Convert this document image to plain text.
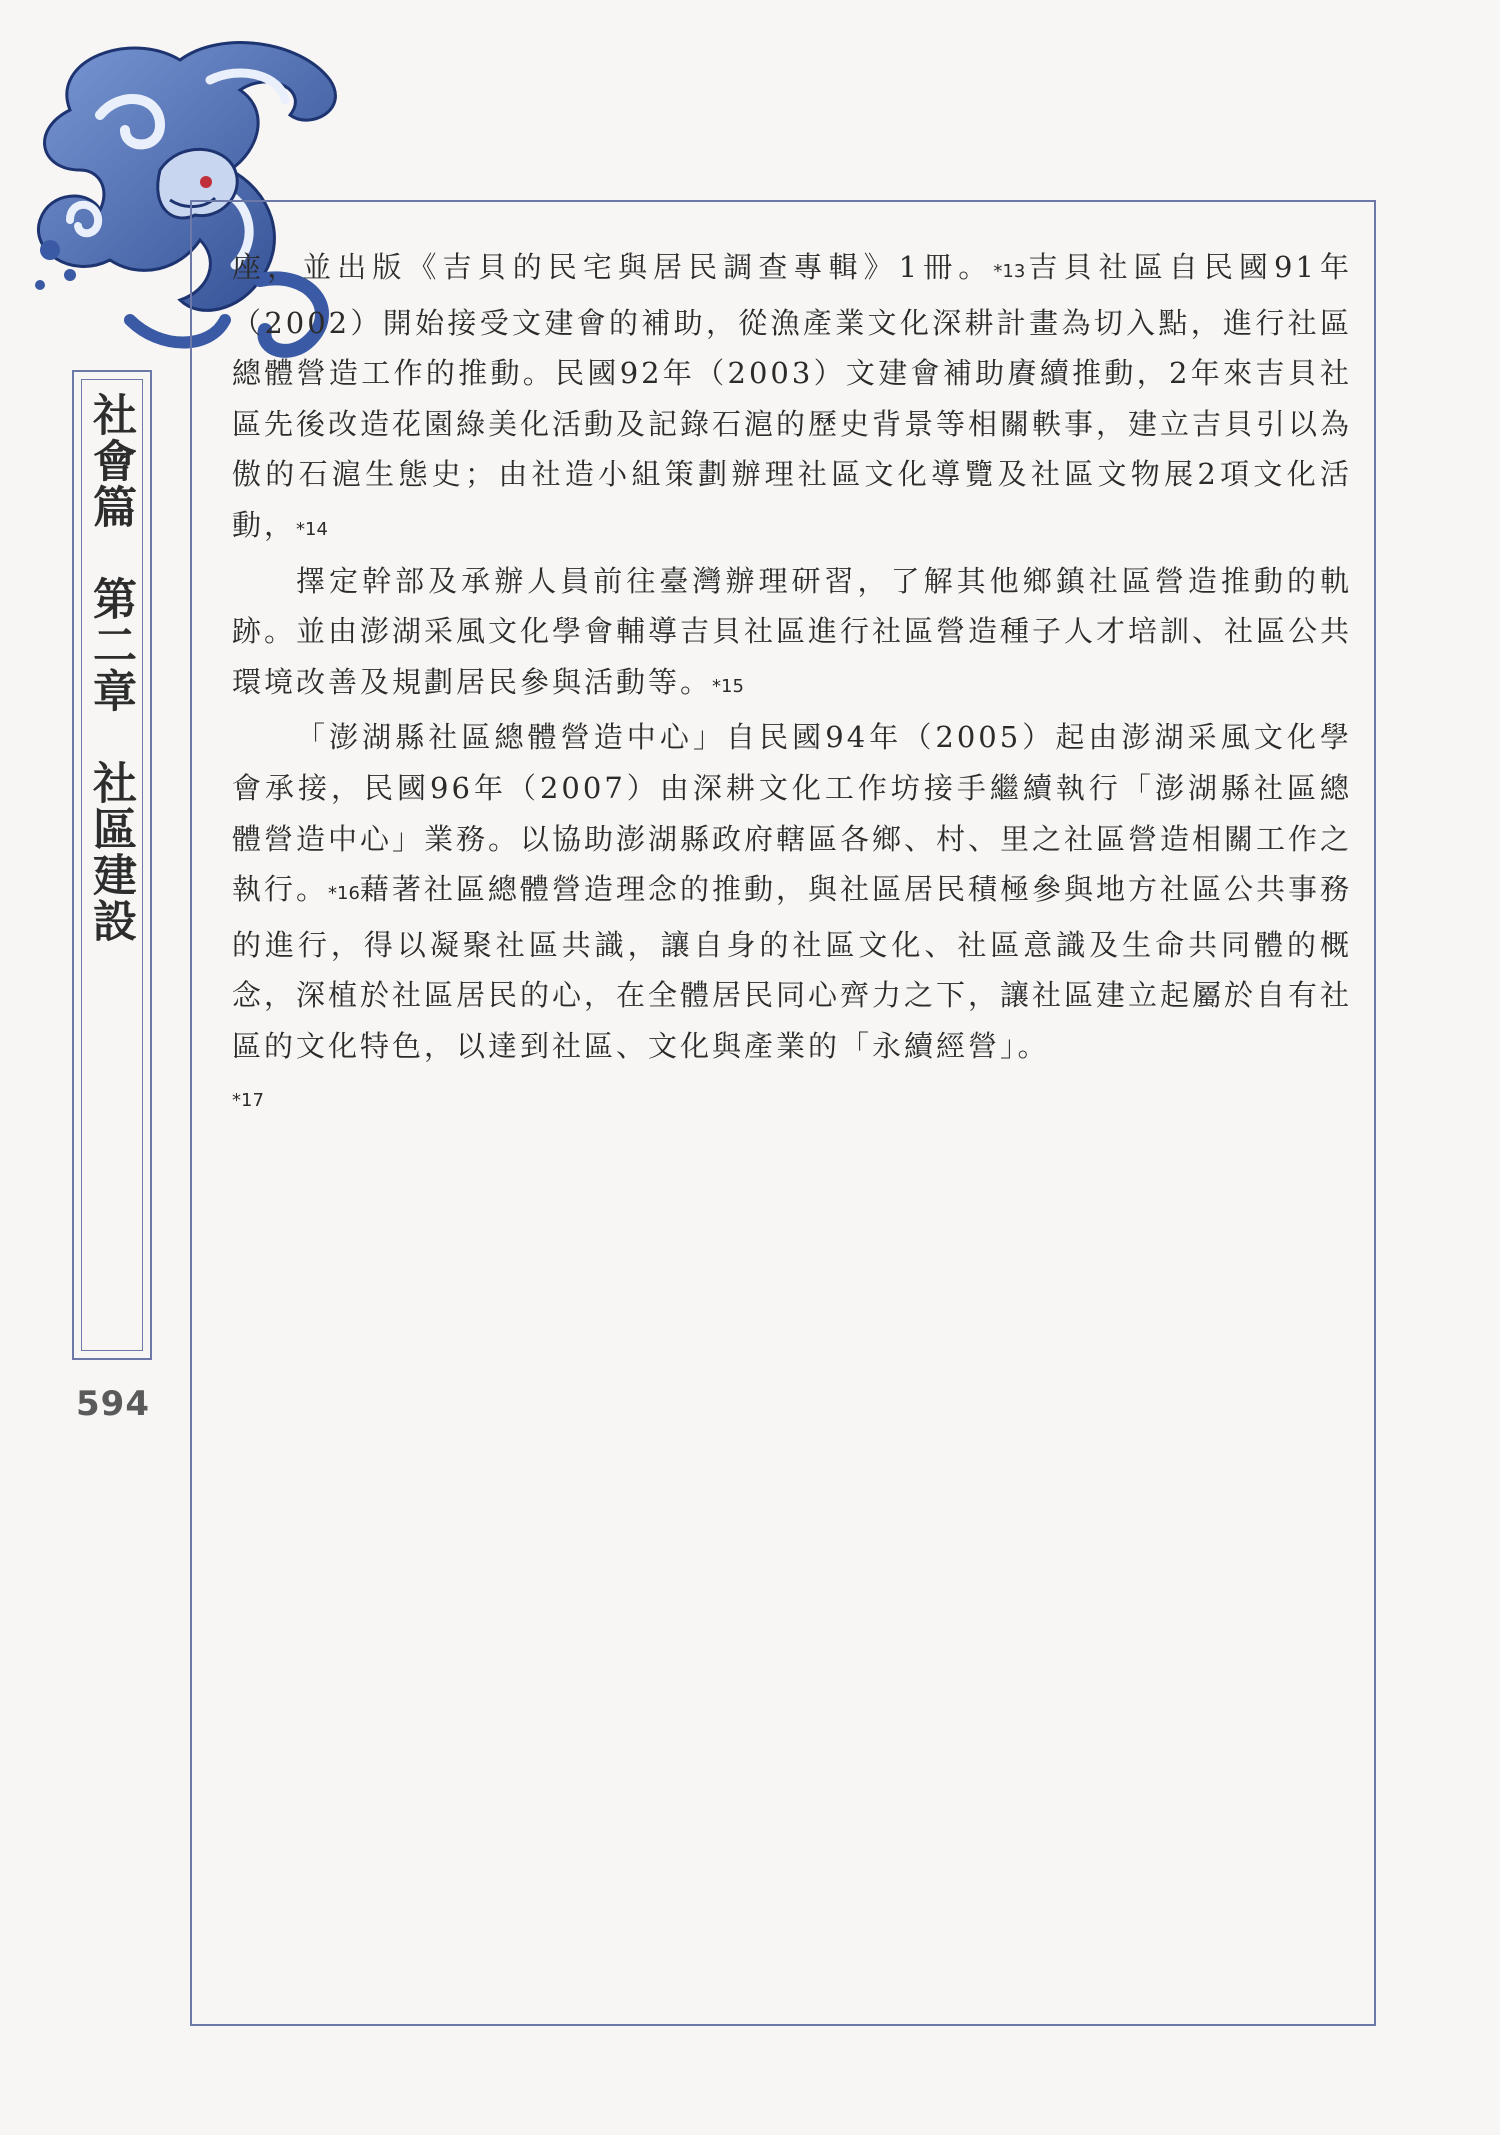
社會篇　第二章　社區建設
594

座，並出版《吉貝的民宅與居民調查專輯》1冊。*13吉貝社區自民國91年（2002）開始接受文建會的補助，從漁產業文化深耕計畫為切入點，進行社區總體營造工作的推動。民國92年（2003）文建會補助賡續推動，2年來吉貝社區先後改造花園綠美化活動及記錄石滬的歷史背景等相關軼事，建立吉貝引以為傲的石滬生態史；由社造小組策劃辦理社區文化導覽及社區文物展2項文化活動，*14

擇定幹部及承辦人員前往臺灣辦理研習，了解其他鄉鎮社區營造推動的軌跡。並由澎湖采風文化學會輔導吉貝社區進行社區營造種子人才培訓、社區公共環境改善及規劃居民參與活動等。*15

「澎湖縣社區總體營造中心」自民國94年（2005）起由澎湖采風文化學會承接，民國96年（2007）由深耕文化工作坊接手繼續執行「澎湖縣社區總體營造中心」業務。以協助澎湖縣政府轄區各鄉、村、里之社區營造相關工作之執行。*16藉著社區總體營造理念的推動，與社區居民積極參與地方社區公共事務的進行，得以凝聚社區共識，讓自身的社區文化、社區意識及生命共同體的概念，深植於社區居民的心，在全體居民同心齊力之下，讓社區建立起屬於自有社區的文化特色，以達到社區、文化與產業的「永續經營」。

*17
